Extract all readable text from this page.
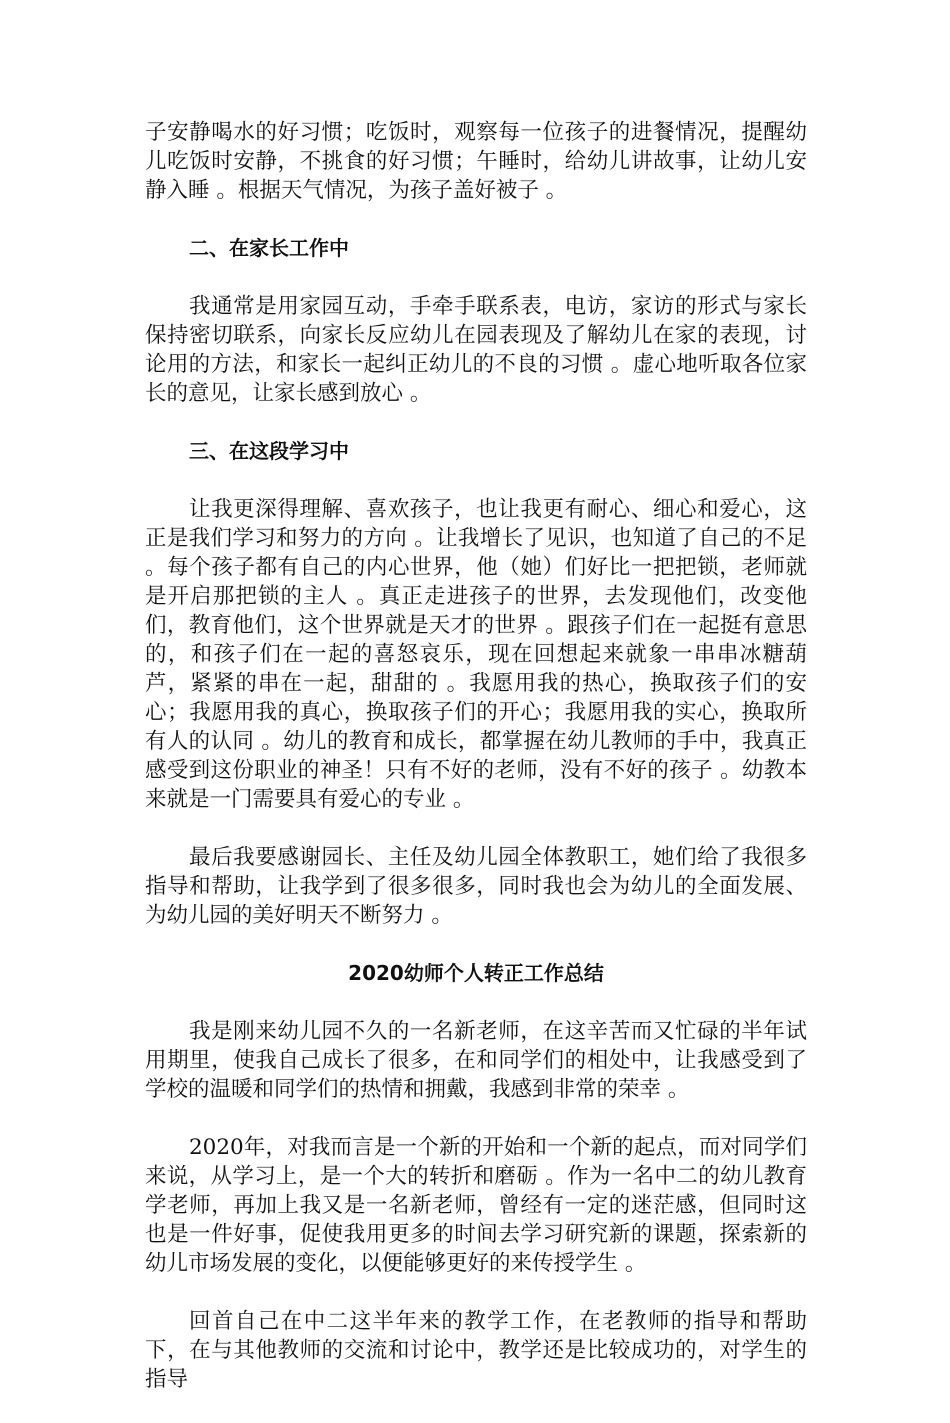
子安静喝水的好习惯；吃饭时，观察每一位孩子的进餐情况，提醒幼儿吃饭时安静，不挑食的好习惯；午睡时，给幼儿讲故事，让幼儿安静入睡 。根据天气情况，为孩子盖好被子 。

二、在家长工作中

我通常是用家园互动，手牵手联系表，电访，家访的形式与家长保持密切联系，向家长反应幼儿在园表现及了解幼儿在家的表现，讨论用的方法，和家长一起纠正幼儿的不良的习惯 。虚心地听取各位家长的意见，让家长感到放心 。

三、在这段学习中

让我更深得理解、喜欢孩子，也让我更有耐心、细心和爱心，这正是我们学习和努力的方向 。让我增长了见识，也知道了自己的不足 。每个孩子都有自己的内心世界，他（她）们好比一把把锁，老师就是开启那把锁的主人 。真正走进孩子的世界，去发现他们，改变他们，教育他们，这个世界就是天才的世界 。跟孩子们在一起挺有意思的，和孩子们在一起的喜怒哀乐，现在回想起来就象一串串冰糖葫芦，紧紧的串在一起，甜甜的 。我愿用我的热心，换取孩子们的安心；我愿用我的真心，换取孩子们的开心；我愿用我的实心，换取所有人的认同 。幼儿的教育和成长，都掌握在幼儿教师的手中，我真正感受到这份职业的神圣！只有不好的老师，没有不好的孩子 。幼教本来就是一门需要具有爱心的专业 。

最后我要感谢园长、主任及幼儿园全体教职工，她们给了我很多指导和帮助，让我学到了很多很多，同时我也会为幼儿的全面发展、为幼儿园的美好明天不断努力 。

2020幼师个人转正工作总结

我是刚来幼儿园不久的一名新老师，在这辛苦而又忙碌的半年试用期里，使我自己成长了很多，在和同学们的相处中，让我感受到了学校的温暖和同学们的热情和拥戴，我感到非常的荣幸 。

2020年，对我而言是一个新的开始和一个新的起点，而对同学们来说，从学习上，是一个大的转折和磨砺 。作为一名中二的幼儿教育学老师，再加上我又是一名新老师，曾经有一定的迷茫感，但同时这也是一件好事，促使我用更多的时间去学习研究新的课题，探索新的幼儿市场发展的变化，以便能够更好的来传授学生 。

回首自己在中二这半年来的教学工作，在老教师的指导和帮助下，在与其他教师的交流和讨论中，教学还是比较成功的，对学生的指导
